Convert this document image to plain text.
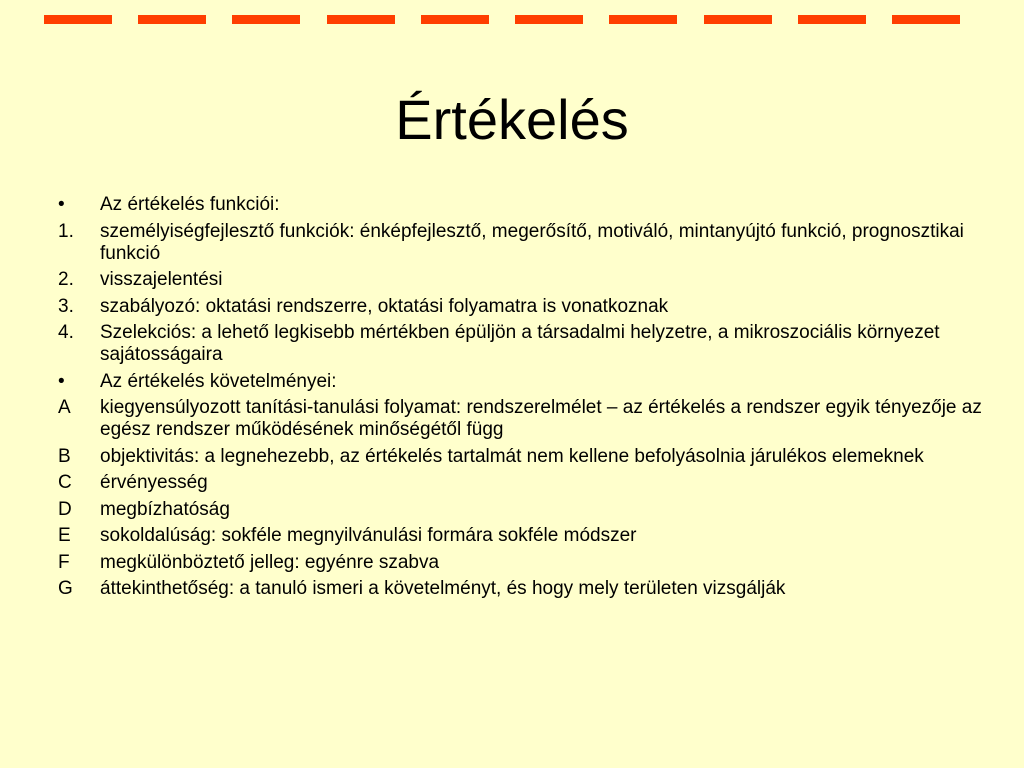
Értékelés
•	Az értékelés funkciói:
1.	személyiségfejlesztő funkciók: énképfejlesztő, megerősítő, motiváló, mintanyújtó funkció, prognosztikai funkció
2.	visszajelentési
3.	szabályozó: oktatási rendszerre, oktatási folyamatra is vonatkoznak
4.	Szelekciós: a lehető legkisebb mértékben épüljön a társadalmi helyzetre, a mikroszociális környezet sajátosságaira
•	Az értékelés követelményei:
A	kiegyensúlyozott tanítási-tanulási folyamat: rendszerelmélet – az értékelés a rendszer egyik tényezője az egész rendszer működésének minőségétől függ
B	objektivitás: a legnehezebb, az értékelés tartalmát nem kellene befolyásolnia járulékos elemeknek
C	érvényesség
D	megbízhatóság
E	sokoldalúság: sokféle megnyilvánulási formára sokféle módszer
F	megkülönböztető jelleg: egyénre szabva
G	áttekinthetőség: a tanuló ismeri a követelményt, és hogy mely területen vizsgálják
